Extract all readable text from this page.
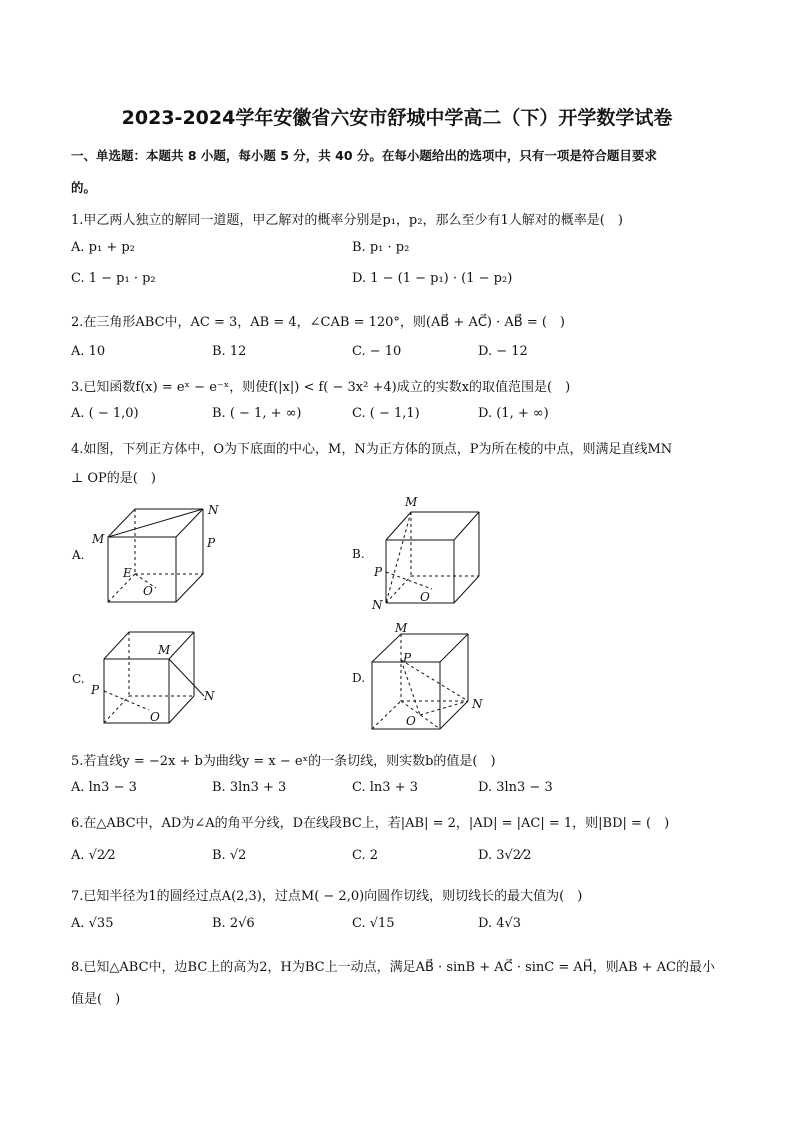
2023-2024学年安徽省六安市舒城中学高二（下）开学数学试卷
一、单选题：本题共 8 小题，每小题 5 分，共 40 分。在每小题给出的选项中，只有一项是符合题目要求
的。
1.甲乙两人独立的解同一道题，甲乙解对的概率分别是p₁，p₂，那么至少有1人解对的概率是(　)
A. p₁ + p₂	B. p₁ · p₂
C. 1 − p₁ · p₂	D. 1 − (1 − p₁) · (1 − p₂)
2.在三角形ABC中，AC = 3，AB = 4，∠CAB = 120°，则(AB⃗ + AC⃗) · AB⃗ = (　)
A. 10	B. 12	C. − 10	D. − 12
3.已知函数f(x) = eˣ − e⁻ˣ，则使f(|x|) < f( − 3x² +4)成立的实数x的取值范围是(　)
A. ( − 1,0)	B. ( − 1, + ∞)	C. ( − 1,1)	D. (1, + ∞)
4.如图，下列正方体中，O为下底面的中心，M，N为正方体的顶点，P为所在棱的中点，则满足直线MN
⊥ OP的是(　)
A.
M
N
P
E
O
B.
M
P
N
O
C.
M
P	N
O
D.
M
P
N
O
5.若直线y = −2x + b为曲线y = x − eˣ的一条切线，则实数b的值是(　)
A. ln3 − 3	B. 3ln3 + 3	C. ln3 + 3	D. 3ln3 − 3
6.在△ABC中，AD为∠A的角平分线，D在线段BC上，若|AB| = 2，|AD| = |AC| = 1，则|BD| = (　)
A. √2⁄2	B. √2	C. 2	D. 3√2⁄2
7.已知半径为1的圆经过点A(2,3)，过点M( − 2,0)向圆作切线，则切线长的最大值为(　)
A. √35	B. 2√6	C. √15	D. 4√3
8.已知△ABC中，边BC上的高为2，H为BC上一动点，满足AB⃗ · sinB + AC⃗ · sinC = AH⃗，则AB + AC的最小
值是(　)
